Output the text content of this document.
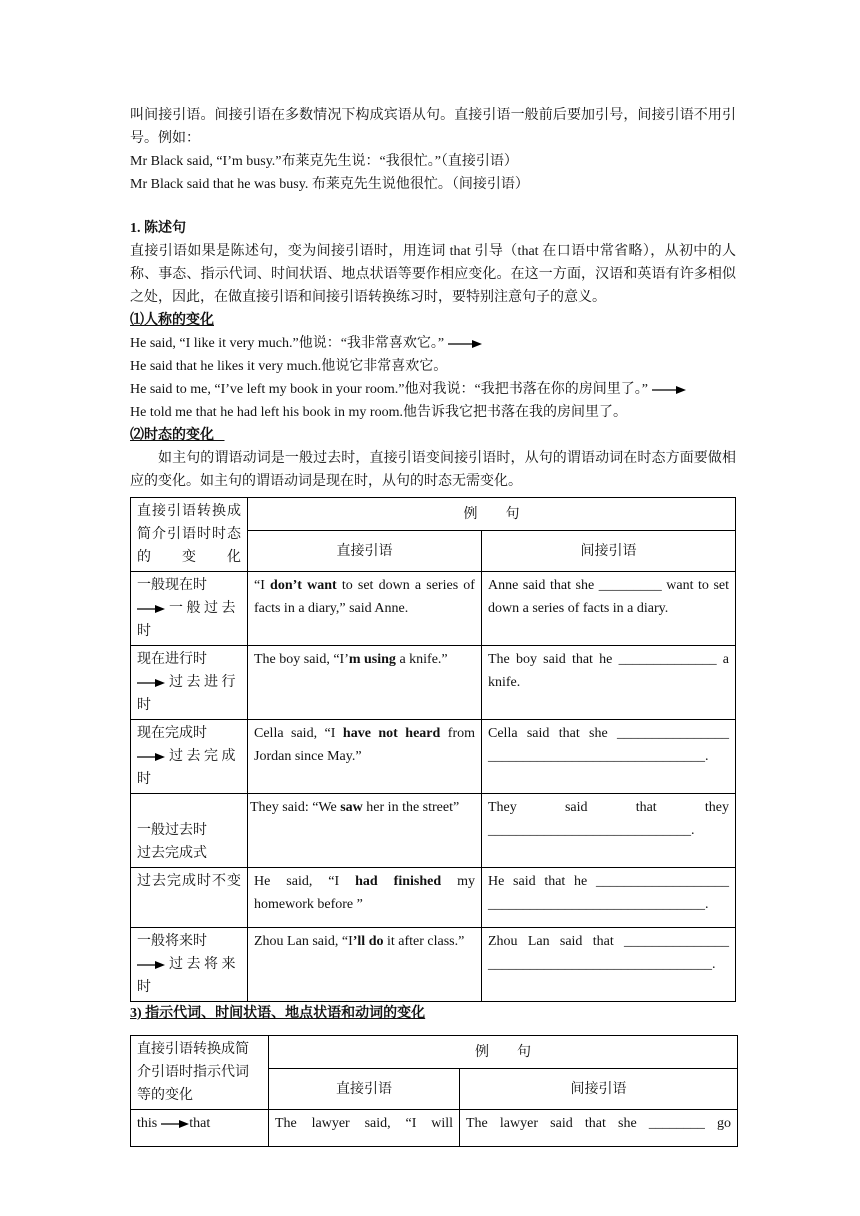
叫间接引语。间接引语在多数情况下构成宾语从句。直接引语一般前后要加引号，间接引语不用引号。例如：

Mr Black said, “I’m busy.”布莱克先生说：“我很忙。”（直接引语）

Mr Black said that he was busy. 布莱克先生说他很忙。（间接引语）

1. 陈述句

直接引语如果是陈述句，变为间接引语时，用连词 that 引导（that 在口语中常省略），从初中的人称、事态、指示代词、时间状语、地点状语等要作相应变化。在这一方面，汉语和英语有许多相似之处，因此，在做直接引语和间接引语转换练习时，要特别注意句子的意义。

⑴人称的变化

He said, “I like it very much.”他说：“我非常喜欢它。”

He said that he likes it very much.他说它非常喜欢它。

He said to me, “I’ve left my book in your room.”他对我说：“我把书落在你的房间里了。”

He told me that he had left his book in my room.他告诉我它把书落在我的房间里了。

⑵时态的变化

如主句的谓语动词是一般过去时，直接引语变间接引语时，从句的谓语动词在时态方面要做相应的变化。如主句的谓语动词是现在时，从句的时态无需变化。

直接引语转换成简介引语时时态的变化	例　　句	
	直接引语	间接引语

一般现在时
一 般 过 去 时	“I don’t want to set down a series of facts in a diary,” said Anne.	Anne said that she _________ want to set down a series of facts in a diary.

现在进行时
过 去 进 行 时	The boy said, “I’m using a knife.”	The boy said that he ______________ a knife.

现在完成时
过 去 完 成 时	Cella said, “I have not heard from Jordan since May.”	Cella said that she ________________ _______________________________.

一般过去时
过去完成式	They said: “We saw her in the street”	They said that they _____________________________.

过去完成时不变	He said, “I had finished my homework before ”	He said that he ___________________ _______________________________.

一般将来时
过 去 将 来 时	Zhou Lan said, “I’ll do it after class.”	Zhou Lan said that _______________ ________________________________.

3) 指示代词、时间状语、地点状语和动词的变化

直接引语转换成简介引语时指示代词等的变化	例　　句	
	直接引语	间接引语
this that	The lawyer said, “I will	The lawyer said that she ________ go
